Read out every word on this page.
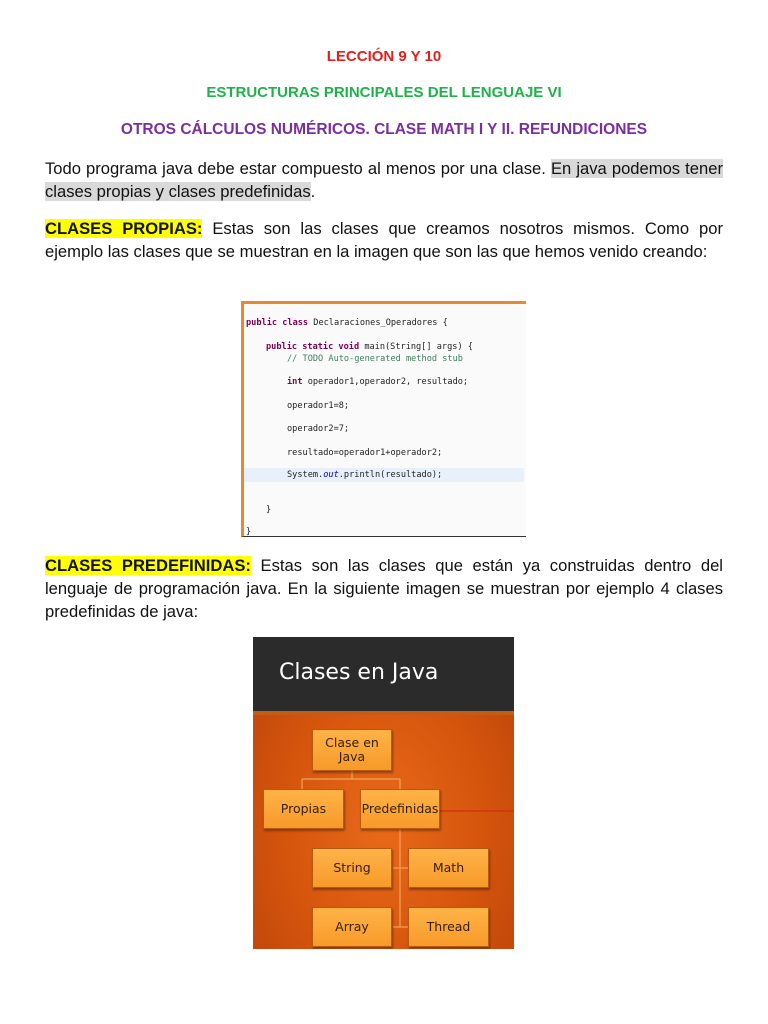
LECCIÓN 9 Y 10
ESTRUCTURAS PRINCIPALES DEL LENGUAJE VI
OTROS CÁLCULOS NUMÉRICOS. CLASE MATH I Y II. REFUNDICIONES
Todo programa java debe estar compuesto al menos por una clase. En java podemos tener clases propias y clases predefinidas.
CLASES PROPIAS: Estas son las clases que creamos nosotros mismos. Como por ejemplo las clases que se muestran en la imagen que son las que hemos venido creando:
public class Declaraciones_Operadores {
public static void main(String[] args) {
// TODO Auto-generated method stub
int operador1,operador2, resultado;
operador1=8;
operador2=7;
resultado=operador1+operador2;
System.out.println(resultado);
}
}
CLASES PREDEFINIDAS: Estas son las clases que están ya construidas dentro del lenguaje de programación java. En la siguiente imagen se muestran por ejemplo 4 clases predefinidas de java:
Clases en Java
Clase en Java
Propias	Predefinidas
String	Math
Array	Thread
